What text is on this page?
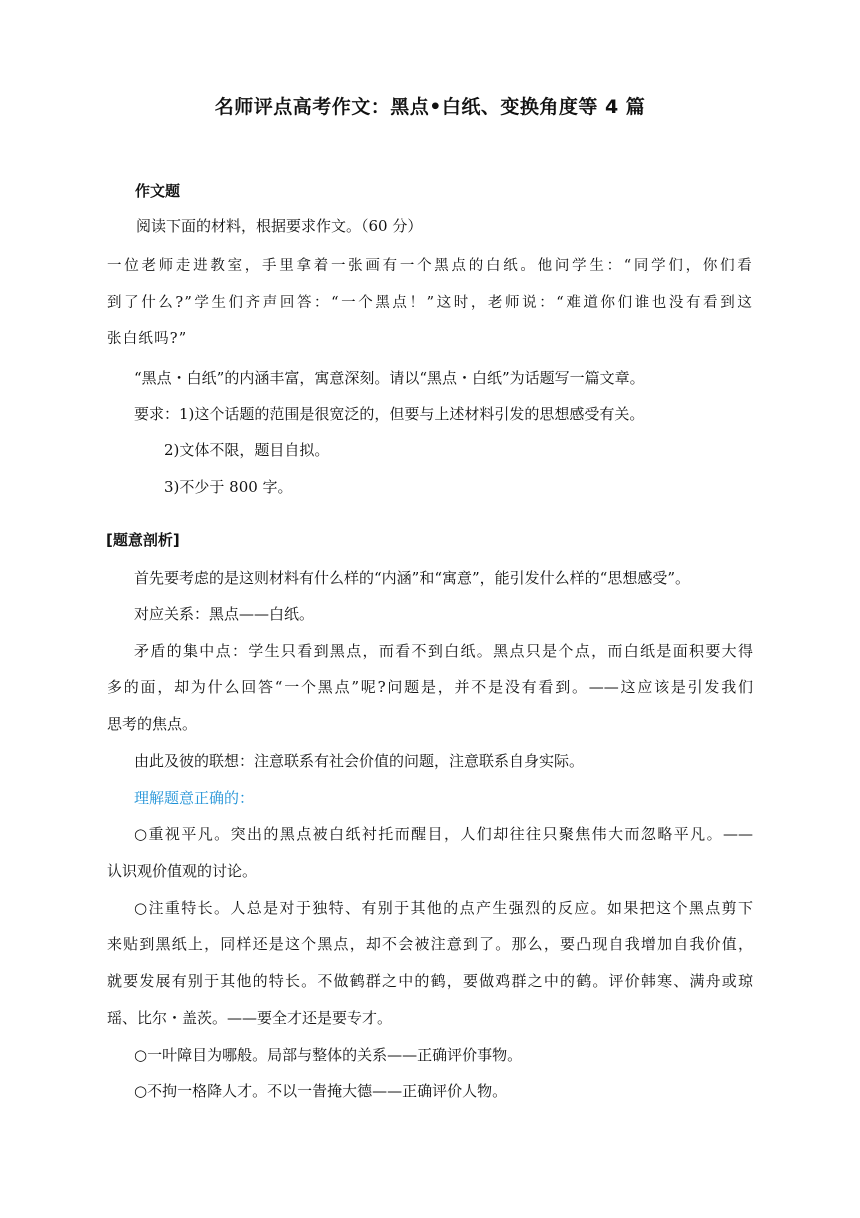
名师评点高考作文：黑点•白纸、变换角度等 4 篇
作文题
阅读下面的材料，根据要求作文。（60 分）
一位老师走进教室，手里拿着一张画有一个黑点的白纸。他问学生：“同学们，你们看
到了什么?”学生们齐声回答：“一个黑点！”这时，老师说：“难道你们谁也没有看到这
张白纸吗?”
“黑点・白纸”的内涵丰富，寓意深刻。请以“黑点・白纸”为话题写一篇文章。
要求：1)这个话题的范围是很宽泛的，但要与上述材料引发的思想感受有关。
2)文体不限，题目自拟。
3)不少于 800 字。
[题意剖析]
首先要考虑的是这则材料有什么样的“内涵”和“寓意”，能引发什么样的“思想感受”。
对应关系：黑点——白纸。
矛盾的集中点：学生只看到黑点，而看不到白纸。黑点只是个点，而白纸是面积要大得
多的面，却为什么回答“一个黑点”呢?问题是，并不是没有看到。——这应该是引发我们
思考的焦点。
由此及彼的联想：注意联系有社会价值的问题，注意联系自身实际。
理解题意正确的：
○重视平凡。突出的黑点被白纸衬托而醒目，人们却往往只聚焦伟大而忽略平凡。——
认识观价值观的讨论。
○注重特长。人总是对于独特、有别于其他的点产生强烈的反应。如果把这个黑点剪下
来贴到黑纸上，同样还是这个黑点，却不会被注意到了。那么，要凸现自我增加自我价值，
就要发展有别于其他的特长。不做鹤群之中的鹤，要做鸡群之中的鹤。评价韩寒、满舟或琼
瑶、比尔・盖茨。——要全才还是要专才。
○一叶障目为哪般。局部与整体的关系——正确评价事物。
○不拘一格降人才。不以一眚掩大德——正确评价人物。
